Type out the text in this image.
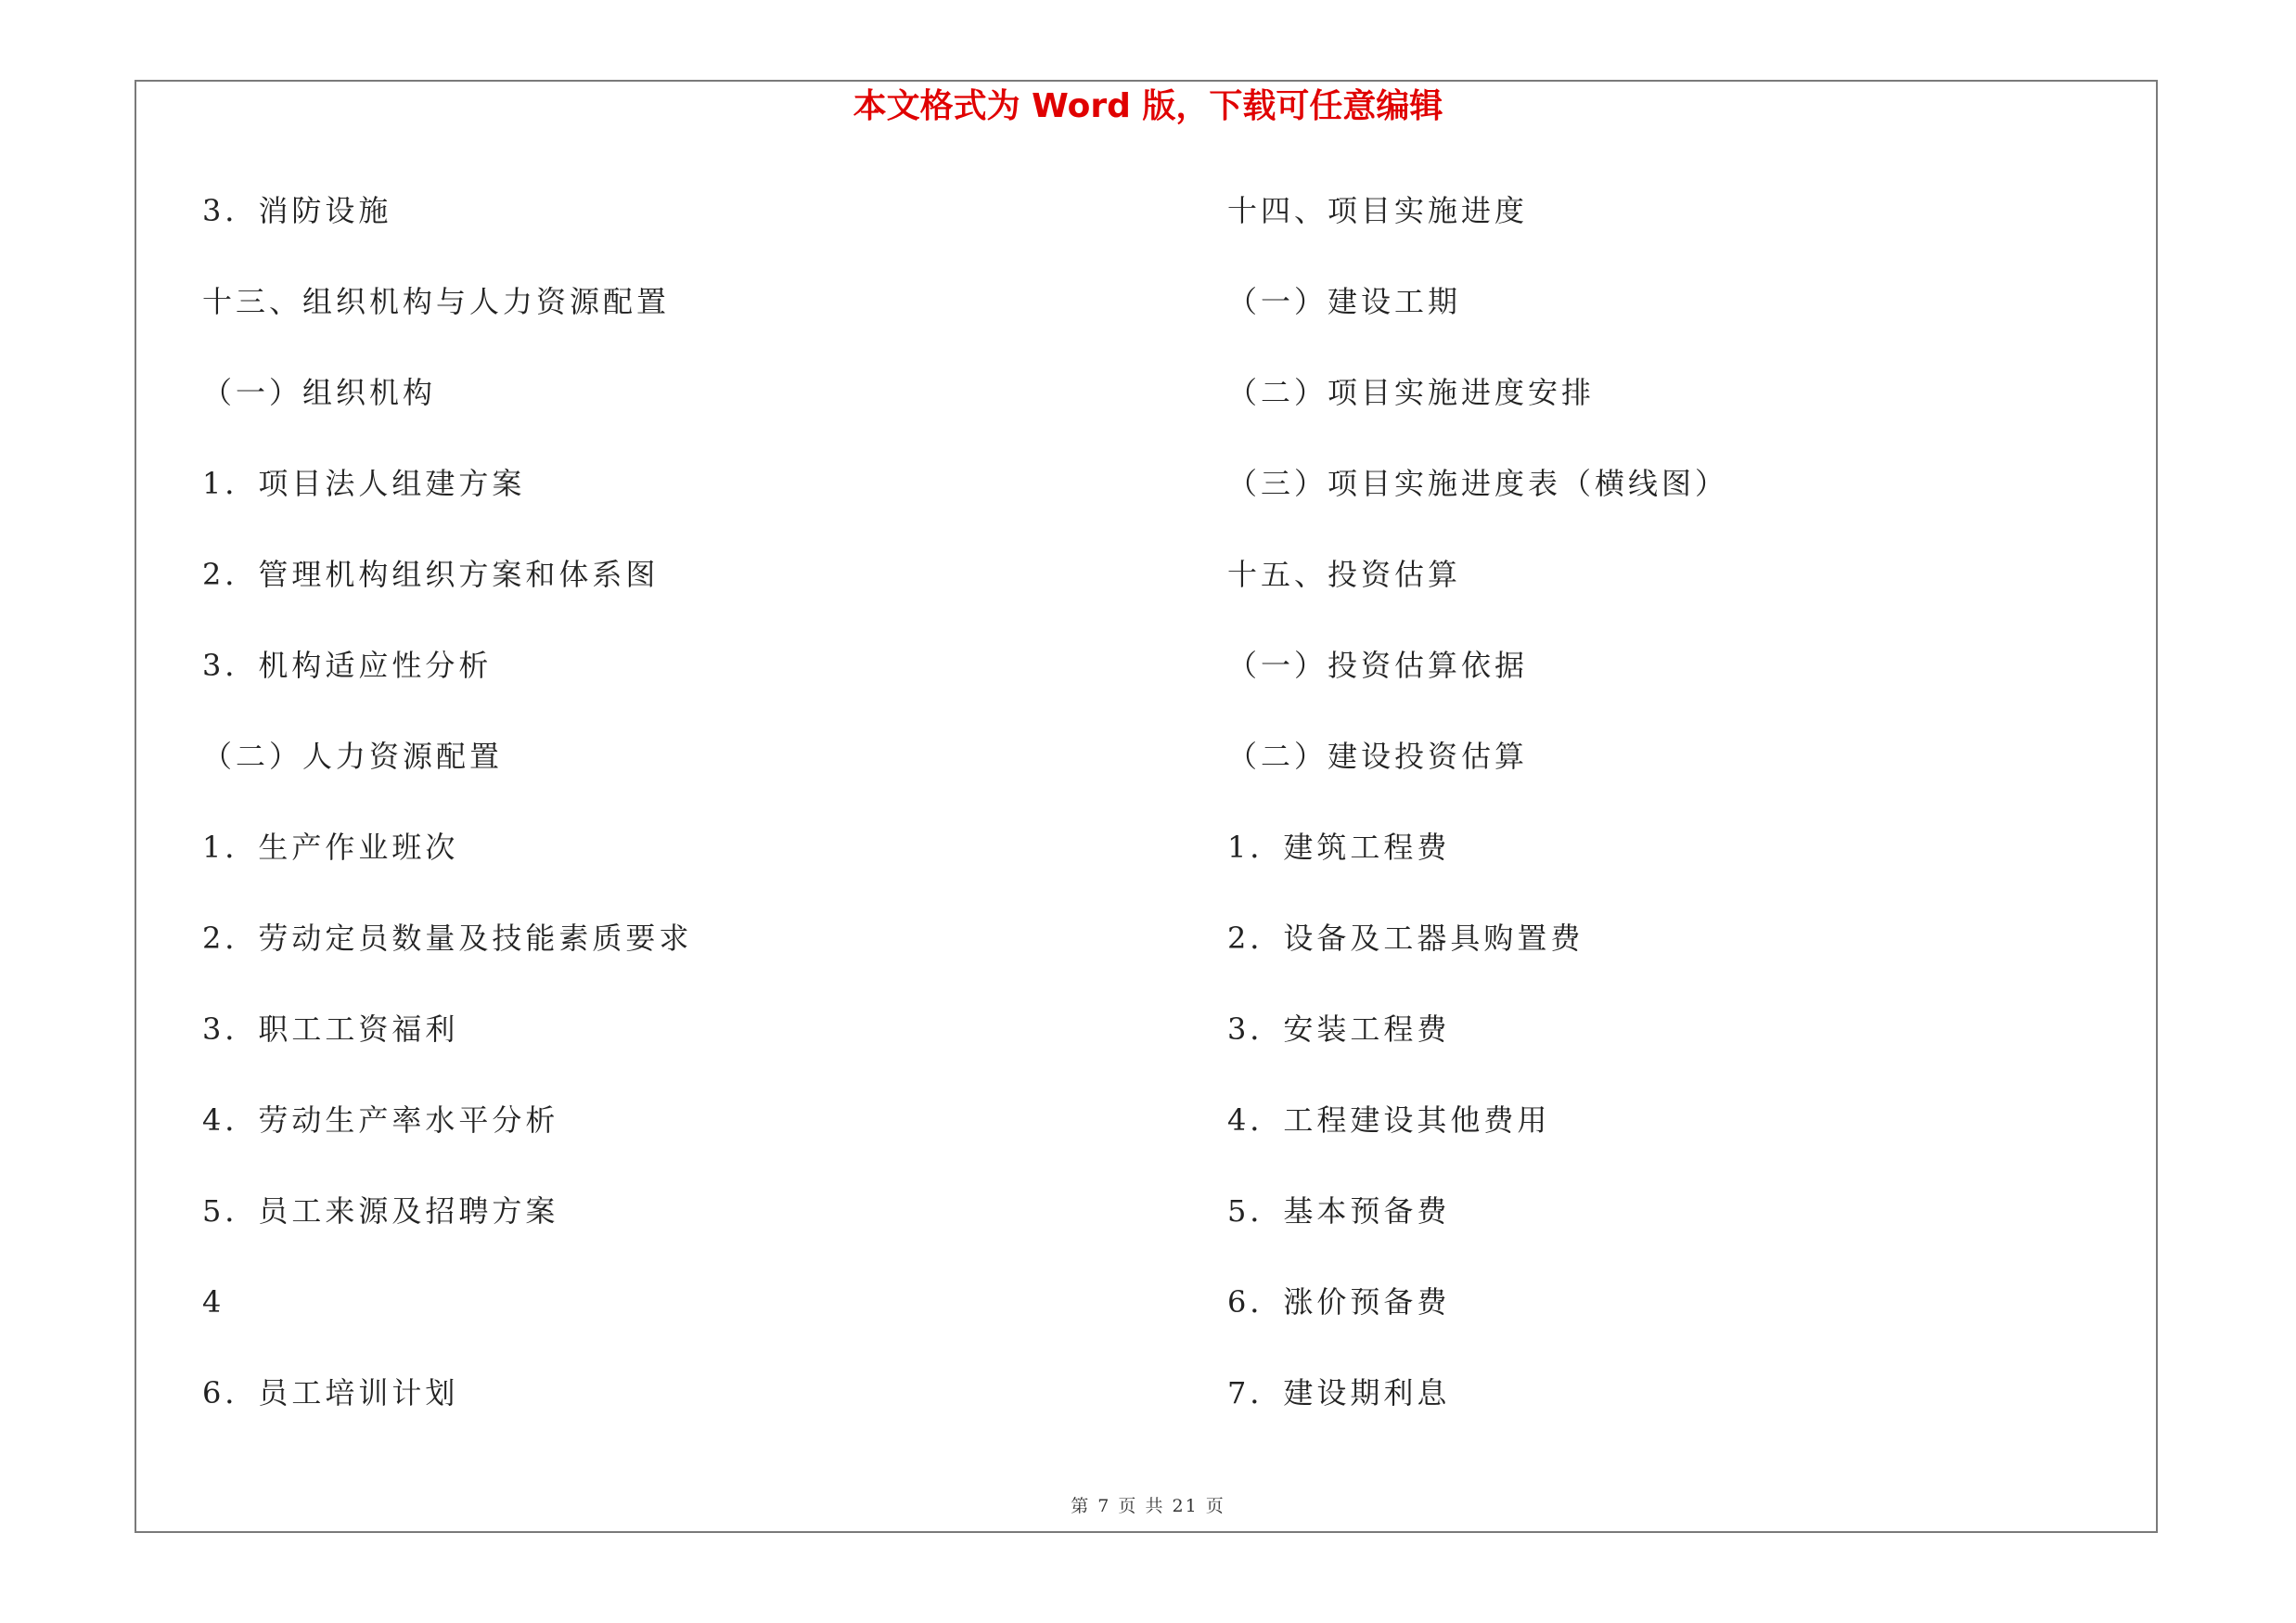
本文格式为 Word 版，下载可任意编辑
3．消防设施
十三、组织机构与人力资源配置
（一）组织机构
1．项目法人组建方案
2．管理机构组织方案和体系图
3．机构适应性分析
（二）人力资源配置
1．生产作业班次
2．劳动定员数量及技能素质要求
3．职工工资福利
4．劳动生产率水平分析
5．员工来源及招聘方案
4
6．员工培训计划
十四、项目实施进度
（一）建设工期
（二）项目实施进度安排
（三）项目实施进度表（横线图）
十五、投资估算
（一）投资估算依据
（二）建设投资估算
1．建筑工程费
2．设备及工器具购置费
3．安装工程费
4．工程建设其他费用
5．基本预备费
6．涨价预备费
7．建设期利息
第 7 页 共 21 页
